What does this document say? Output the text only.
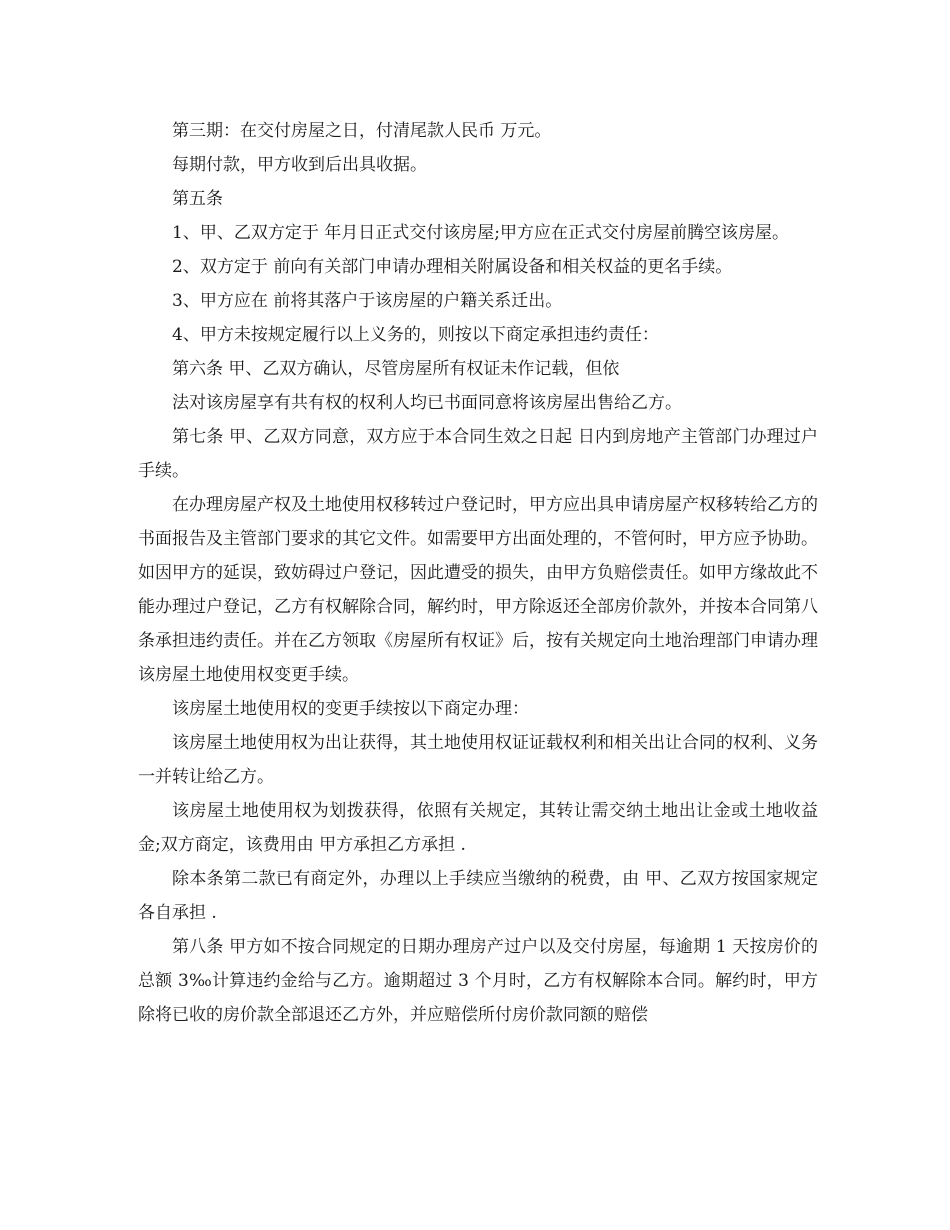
第三期：在交付房屋之日，付清尾款人民币 万元。

每期付款，甲方收到后出具收据。

第五条

1、甲、乙双方定于 年月日正式交付该房屋;甲方应在正式交付房屋前腾空该房屋。

2、双方定于 前向有关部门申请办理相关附属设备和相关权益的更名手续。

3、甲方应在 前将其落户于该房屋的户籍关系迁出。

4、甲方未按规定履行以上义务的，则按以下商定承担违约责任：

第六条 甲、乙双方确认，尽管房屋所有权证未作记载，但依

法对该房屋享有共有权的权利人均已书面同意将该房屋出售给乙方。

第七条 甲、乙双方同意，双方应于本合同生效之日起 日内到房地产主管部门办理过户手续。

在办理房屋产权及土地使用权移转过户登记时，甲方应出具申请房屋产权移转给乙方的书面报告及主管部门要求的其它文件。如需要甲方出面处理的，不管何时，甲方应予协助。如因甲方的延误，致妨碍过户登记，因此遭受的损失，由甲方负赔偿责任。如甲方缘故此不能办理过户登记，乙方有权解除合同，解约时，甲方除返还全部房价款外，并按本合同第八条承担违约责任。并在乙方领取《房屋所有权证》后，按有关规定向土地治理部门申请办理该房屋土地使用权变更手续。

该房屋土地使用权的变更手续按以下商定办理：

该房屋土地使用权为出让获得，其土地使用权证证载权利和相关出让合同的权利、义务一并转让给乙方。

该房屋土地使用权为划拨获得，依照有关规定，其转让需交纳土地出让金或土地收益金;双方商定，该费用由 甲方承担乙方承担 .

除本条第二款已有商定外，办理以上手续应当缴纳的税费，由 甲、乙双方按国家规定各自承担 .

第八条 甲方如不按合同规定的日期办理房产过户以及交付房屋，每逾期 1 天按房价的总额 3‰计算违约金给与乙方。逾期超过 3 个月时，乙方有权解除本合同。解约时，甲方除将已收的房价款全部退还乙方外，并应赔偿所付房价款同额的赔偿
